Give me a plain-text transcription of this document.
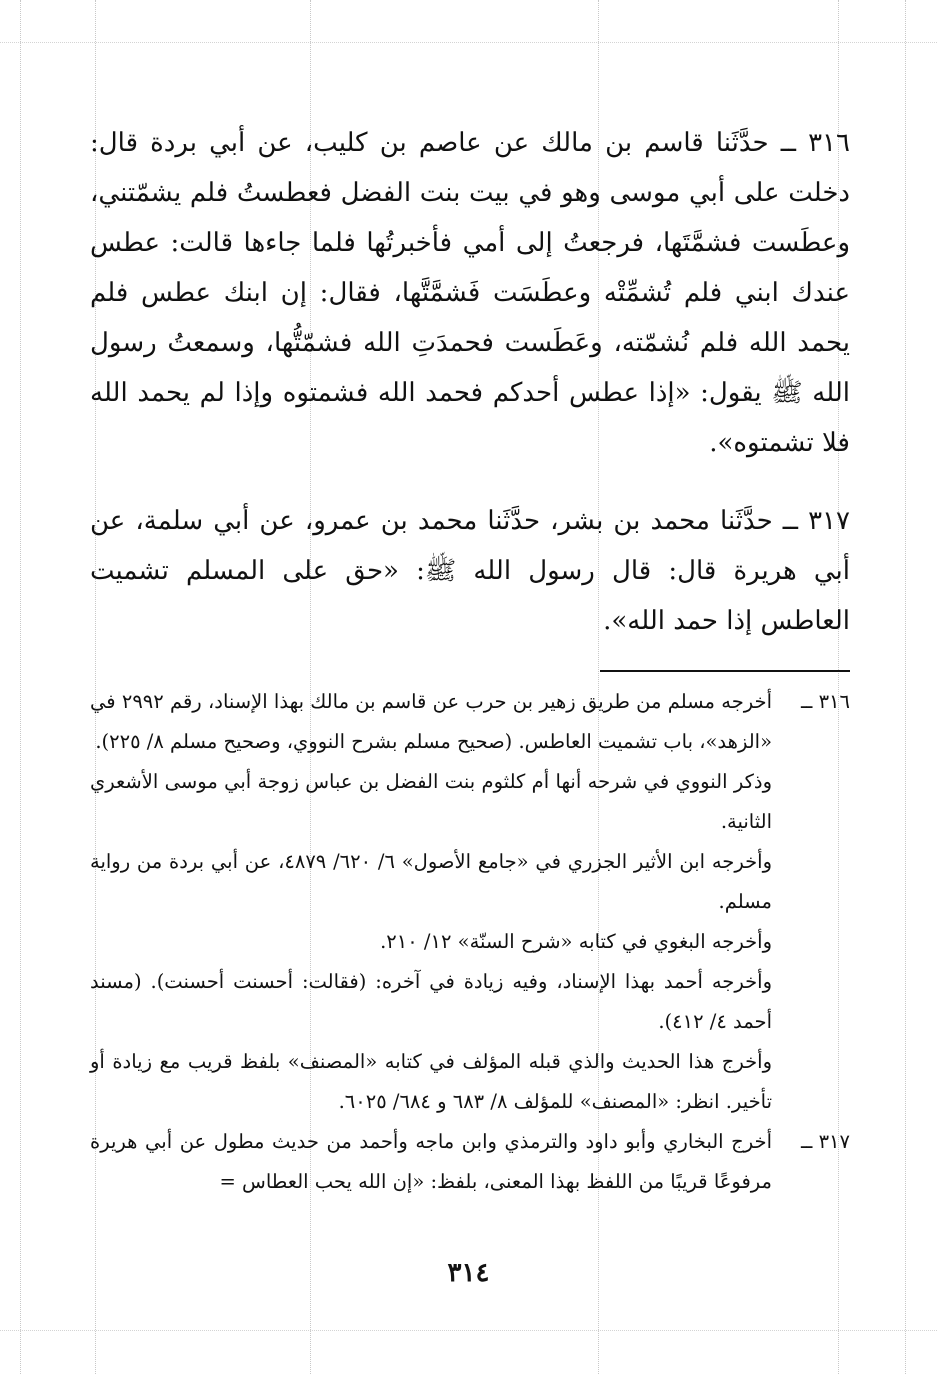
٣١٦ ــ حدَّثَنا قاسم بن مالك عن عاصم بن كليب، عن أبي بردة قال: دخلت على أبي موسى وهو في بيت بنت الفضل فعطستُ فلم يشمّتني، وعطَست فشمَّتَها، فرجعتُ إلى أمي فأخبرتُها فلما جاءها قالت: عطس عندك ابني فلم تُشمِّتْه وعطَسَت فَشمَّتَّها، فقال: إن ابنك عطس فلم يحمد الله فلم نُشمّته، وعَطَست فحمدَتِ الله فشمّتُّها، وسمعتُ رسول الله ﷺ يقول: «إذا عطس أحدكم فحمد الله فشمتوه وإذا لم يحمد الله فلا تشمتوه».

٣١٧ ــ حدَّثَنا محمد بن بشر، حدَّثَنا محمد بن عمرو، عن أبي سلمة، عن أبي هريرة قال: قال رسول الله ﷺ: «حق على المسلم تشميت العاطس إذا حمد الله».

٣١٦ ــ

أخرجه مسلم من طريق زهير بن حرب عن قاسم بن مالك بهذا الإسناد، رقم ٢٩٩٢ في «الزهد»، باب تشميت العاطس. (صحيح مسلم بشرح النووي، وصحيح مسلم ٨/ ٢٢٥).

وذكر النووي في شرحه أنها أم كلثوم بنت الفضل بن عباس زوجة أبي موسى الأشعري الثانية.

وأخرجه ابن الأثير الجزري في «جامع الأصول» ٦/ ٦٢٠/ ٤٨٧٩، عن أبي بردة من رواية مسلم.

وأخرجه البغوي في كتابه «شرح السنّة» ١٢/ ٢١٠.

وأخرجه أحمد بهذا الإسناد، وفيه زيادة في آخره: (فقالت: أحسنت أحسنت). (مسند أحمد ٤/ ٤١٢).

وأخرج هذا الحديث والذي قبله المؤلف في كتابه «المصنف» بلفظ قريب مع زيادة أو تأخير. انظر: «المصنف» للمؤلف ٨/ ٦٨٣ و ٦٨٤/ ٦٠٢٥.

٣١٧ ــ

أخرج البخاري وأبو داود والترمذي وابن ماجه وأحمد من حديث مطول عن أبي هريرة مرفوعًا قريبًا من اللفظ بهذا المعنى، بلفظ: «إن الله يحب العطاس =

٣١٤
